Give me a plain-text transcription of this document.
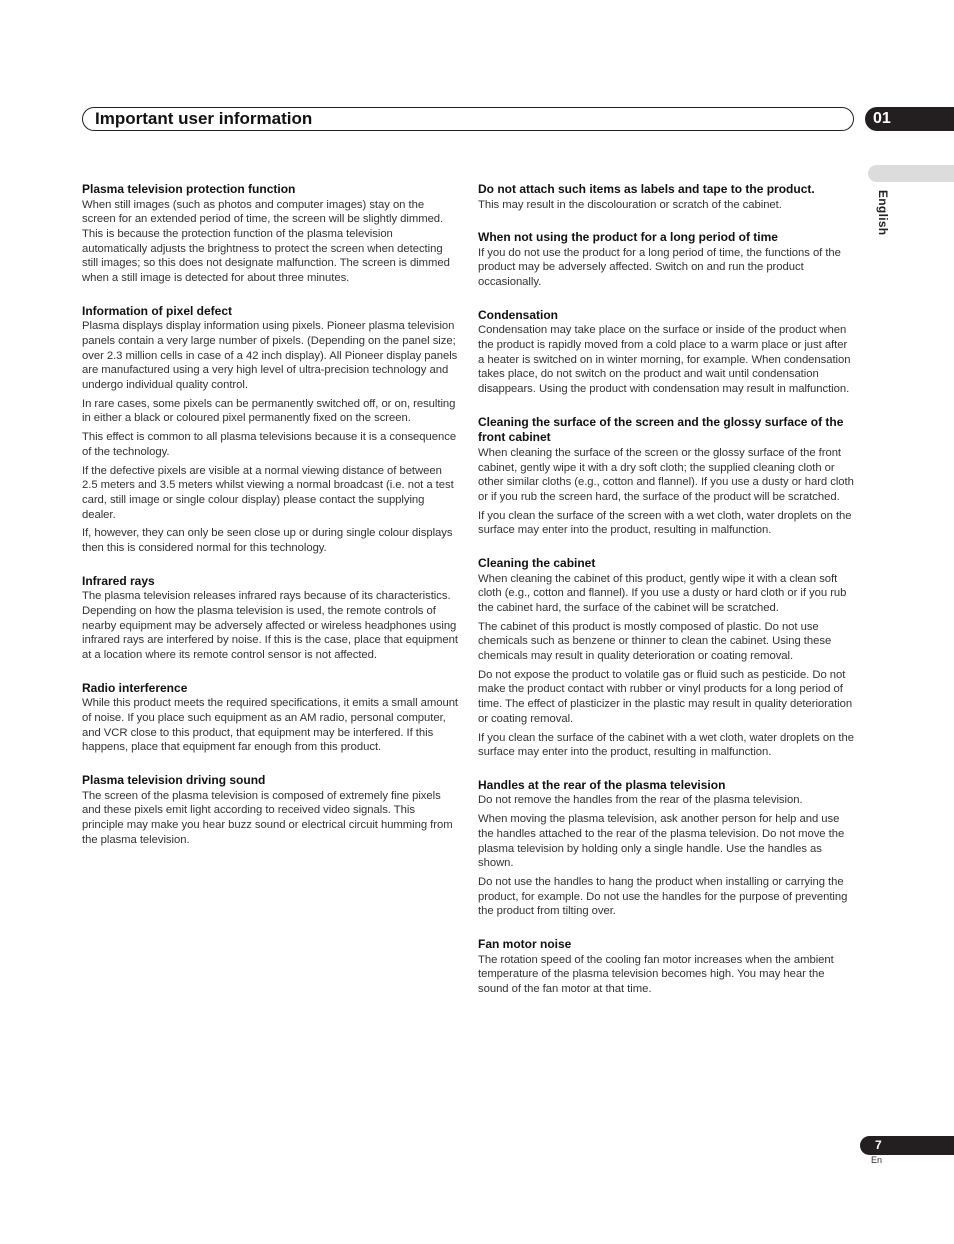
Important user information	01
English
Plasma television protection function

When still images (such as photos and computer images) stay on the screen for an extended period of time, the screen will be slightly dimmed. This is because the protection function of the plasma television automatically adjusts the brightness to protect the screen when detecting still images; so this does not designate malfunction. The screen is dimmed when a still image is detected for about three minutes.

Information of pixel defect

Plasma displays display information using pixels. Pioneer plasma television panels contain a very large number of pixels. (Depending on the panel size; over 2.3 million cells in case of a 42 inch display). All Pioneer display panels are manufactured using a very high level of ultra-precision technology and undergo individual quality control.

In rare cases, some pixels can be permanently switched off, or on, resulting in either a black or coloured pixel permanently fixed on the screen.

This effect is common to all plasma televisions because it is a consequence of the technology.

If the defective pixels are visible at a normal viewing distance of between 2.5 meters and 3.5 meters whilst viewing a normal broadcast (i.e. not a test card, still image or single colour display) please contact the supplying dealer.

If, however, they can only be seen close up or during single colour displays then this is considered normal for this technology.

Infrared rays

The plasma television releases infrared rays because of its characteristics. Depending on how the plasma television is used, the remote controls of nearby equipment may be adversely affected or wireless headphones using infrared rays are interfered by noise. If this is the case, place that equipment at a location where its remote control sensor is not affected.

Radio interference

While this product meets the required specifications, it emits a small amount of noise. If you place such equipment as an AM radio, personal computer, and VCR close to this product, that equipment may be interfered. If this happens, place that equipment far enough from this product.

Plasma television driving sound

The screen of the plasma television is composed of extremely fine pixels and these pixels emit light according to received video signals. This principle may make you hear buzz sound or electrical circuit humming from the plasma television.

Do not attach such items as labels and tape to the product.

This may result in the discolouration or scratch of the cabinet.

When not using the product for a long period of time

If you do not use the product for a long period of time, the functions of the product may be adversely affected. Switch on and run the product occasionally.

Condensation

Condensation may take place on the surface or inside of the product when the product is rapidly moved from a cold place to a warm place or just after a heater is switched on in winter morning, for example. When condensation takes place, do not switch on the product and wait until condensation disappears. Using the product with condensation may result in malfunction.

Cleaning the surface of the screen and the glossy surface of the front cabinet

When cleaning the surface of the screen or the glossy surface of the front cabinet, gently wipe it with a dry soft cloth; the supplied cleaning cloth or other similar cloths (e.g., cotton and flannel). If you use a dusty or hard cloth or if you rub the screen hard, the surface of the product will be scratched.

If you clean the surface of the screen with a wet cloth, water droplets on the surface may enter into the product, resulting in malfunction.

Cleaning the cabinet

When cleaning the cabinet of this product, gently wipe it with a clean soft cloth (e.g., cotton and flannel). If you use a dusty or hard cloth or if you rub the cabinet hard, the surface of the cabinet will be scratched.

The cabinet of this product is mostly composed of plastic. Do not use chemicals such as benzene or thinner to clean the cabinet. Using these chemicals may result in quality deterioration or coating removal.

Do not expose the product to volatile gas or fluid such as pesticide. Do not make the product contact with rubber or vinyl products for a long period of time. The effect of plasticizer in the plastic may result in quality deterioration or coating removal.

If you clean the surface of the cabinet with a wet cloth, water droplets on the surface may enter into the product, resulting in malfunction.

Handles at the rear of the plasma television

Do not remove the handles from the rear of the plasma television.

When moving the plasma television, ask another person for help and use the handles attached to the rear of the plasma television. Do not move the plasma television by holding only a single handle. Use the handles as shown.

Do not use the handles to hang the product when installing or carrying the product, for example. Do not use the handles for the purpose of preventing the product from tilting over.

Fan motor noise

The rotation speed of the cooling fan motor increases when the ambient temperature of the plasma television becomes high. You may hear the sound of the fan motor at that time.

7
En
